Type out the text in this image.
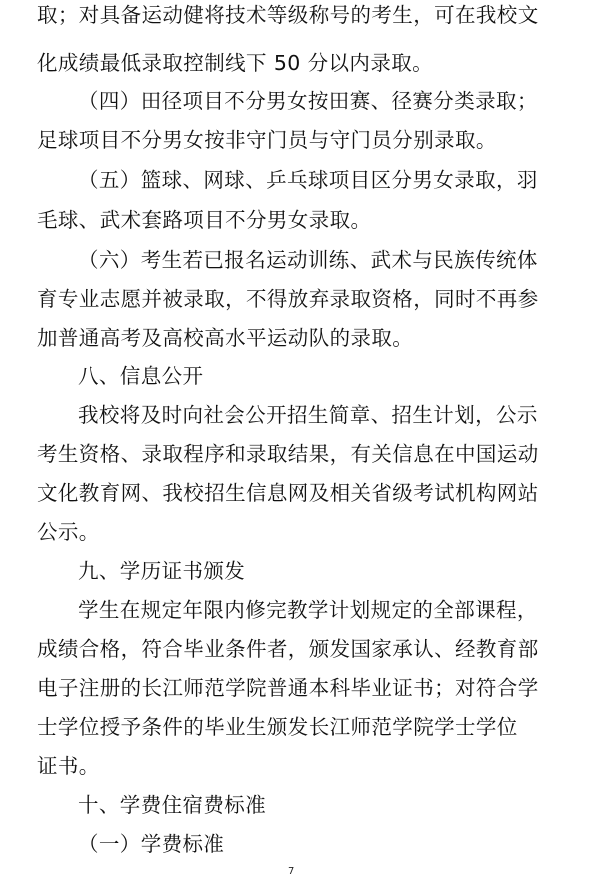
取；对具备运动健将技术等级称号的考生，可在我校文
化成绩最低录取控制线下 50 分以内录取。
（四）田径项目不分男女按田赛、径赛分类录取；
足球项目不分男女按非守门员与守门员分别录取。
（五）篮球、网球、乒乓球项目区分男女录取，羽
毛球、武术套路项目不分男女录取。
（六）考生若已报名运动训练、武术与民族传统体
育专业志愿并被录取，不得放弃录取资格，同时不再参
加普通高考及高校高水平运动队的录取。
八、信息公开
我校将及时向社会公开招生简章、招生计划，公示
考生资格、录取程序和录取结果，有关信息在中国运动
文化教育网、我校招生信息网及相关省级考试机构网站
公示。
九、学历证书颁发
学生在规定年限内修完教学计划规定的全部课程，
成绩合格，符合毕业条件者，颁发国家承认、经教育部
电子注册的长江师范学院普通本科毕业证书；对符合学
士学位授予条件的毕业生颁发长江师范学院学士学位
证书。
十、学费住宿费标准
（一）学费标准
7
